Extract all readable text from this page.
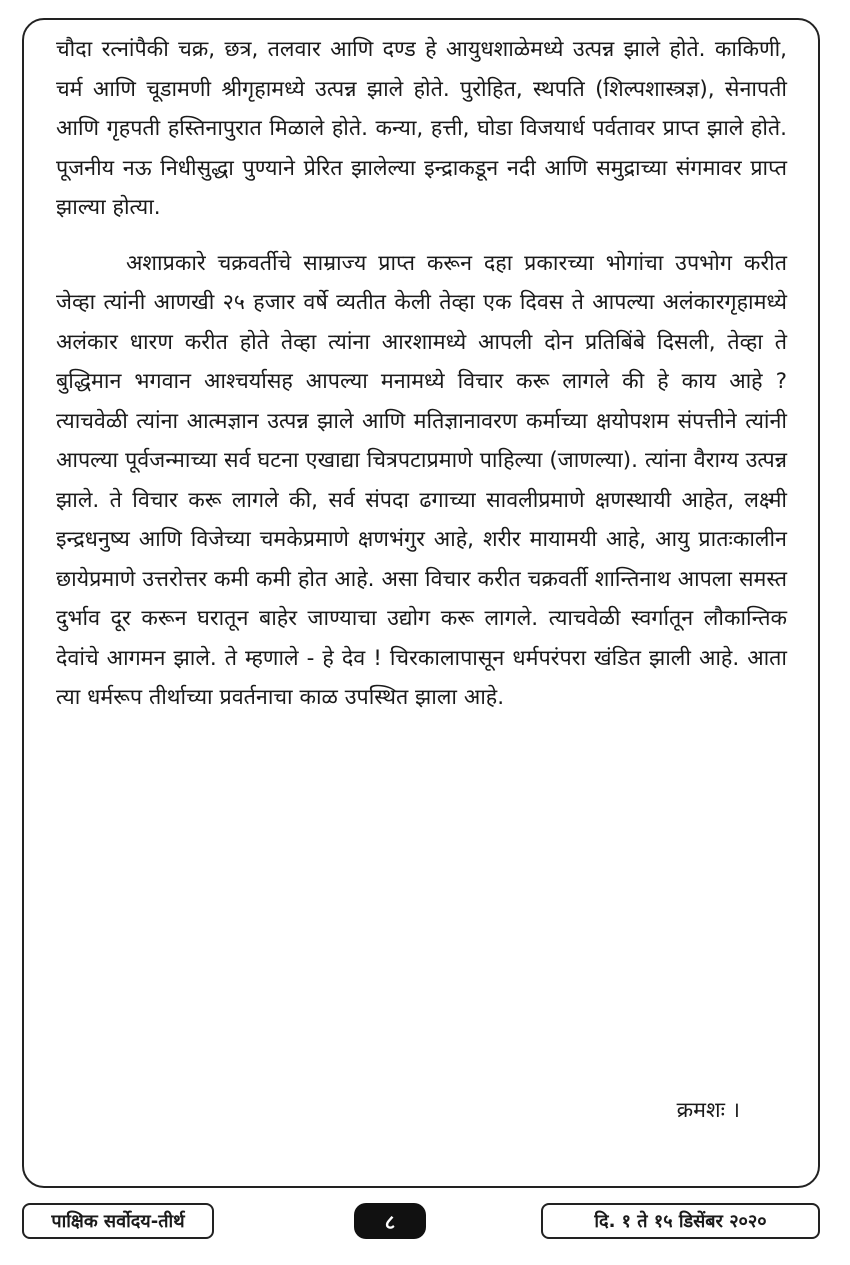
चौदा रत्नांपैकी चक्र, छत्र, तलवार आणि दण्ड हे आयुधशाळेमध्ये उत्पन्न झाले होते. काकिणी, चर्म आणि चूडामणी श्रीगृहामध्ये उत्पन्न झाले होते. पुरोहित, स्थपति (शिल्पशास्त्रज्ञ), सेनापती आणि गृहपती हस्तिनापुरात मिळाले होते. कन्या, हत्ती, घोडा विजयार्ध पर्वतावर प्राप्त झाले होते. पूजनीय नऊ निधीसुद्धा पुण्याने प्रेरित झालेल्या इन्द्राकडून नदी आणि समुद्राच्या संगमावर प्राप्त झाल्या होत्या.

अशाप्रकारे चक्रवर्तीचे साम्राज्य प्राप्त करून दहा प्रकारच्या भोगांचा उपभोग करीत जेव्हा त्यांनी आणखी २५ हजार वर्षे व्यतीत केली तेव्हा एक दिवस ते आपल्या अलंकारगृहामध्ये अलंकार धारण करीत होते तेव्हा त्यांना आरशामध्ये आपली दोन प्रतिबिंबे दिसली, तेव्हा ते बुद्धिमान भगवान आश्चर्यासह आपल्या मनामध्ये विचार करू लागले की हे काय आहे ? त्याचवेळी त्यांना आत्मज्ञान उत्पन्न झाले आणि मतिज्ञानावरण कर्माच्या क्षयोपशम संपत्तीने त्यांनी आपल्या पूर्वजन्माच्या सर्व घटना एखाद्या चित्रपटाप्रमाणे पाहिल्या (जाणल्या). त्यांना वैराग्य उत्पन्न झाले. ते विचार करू लागले की, सर्व संपदा ढगाच्या सावलीप्रमाणे क्षणस्थायी आहेत, लक्ष्मी इन्द्रधनुष्य आणि विजेच्या चमकेप्रमाणे क्षणभंगुर आहे, शरीर मायामयी आहे, आयु प्रातःकालीन छायेप्रमाणे उत्तरोत्तर कमी कमी होत आहे. असा विचार करीत चक्रवर्ती शान्तिनाथ आपला समस्त दुर्भाव दूर करून घरातून बाहेर जाण्याचा उद्योग करू लागले. त्याचवेळी स्वर्गातून लौकान्तिक देवांचे आगमन झाले. ते म्हणाले - हे देव ! चिरकालापासून धर्मपरंपरा खंडित झाली आहे. आता त्या धर्मरूप तीर्थाच्या प्रवर्तनाचा काळ उपस्थित झाला आहे.

क्रमशः ।
पाक्षिक सर्वोदय-तीर्थ	८	दि. १ ते १५ डिसेंबर २०२०
